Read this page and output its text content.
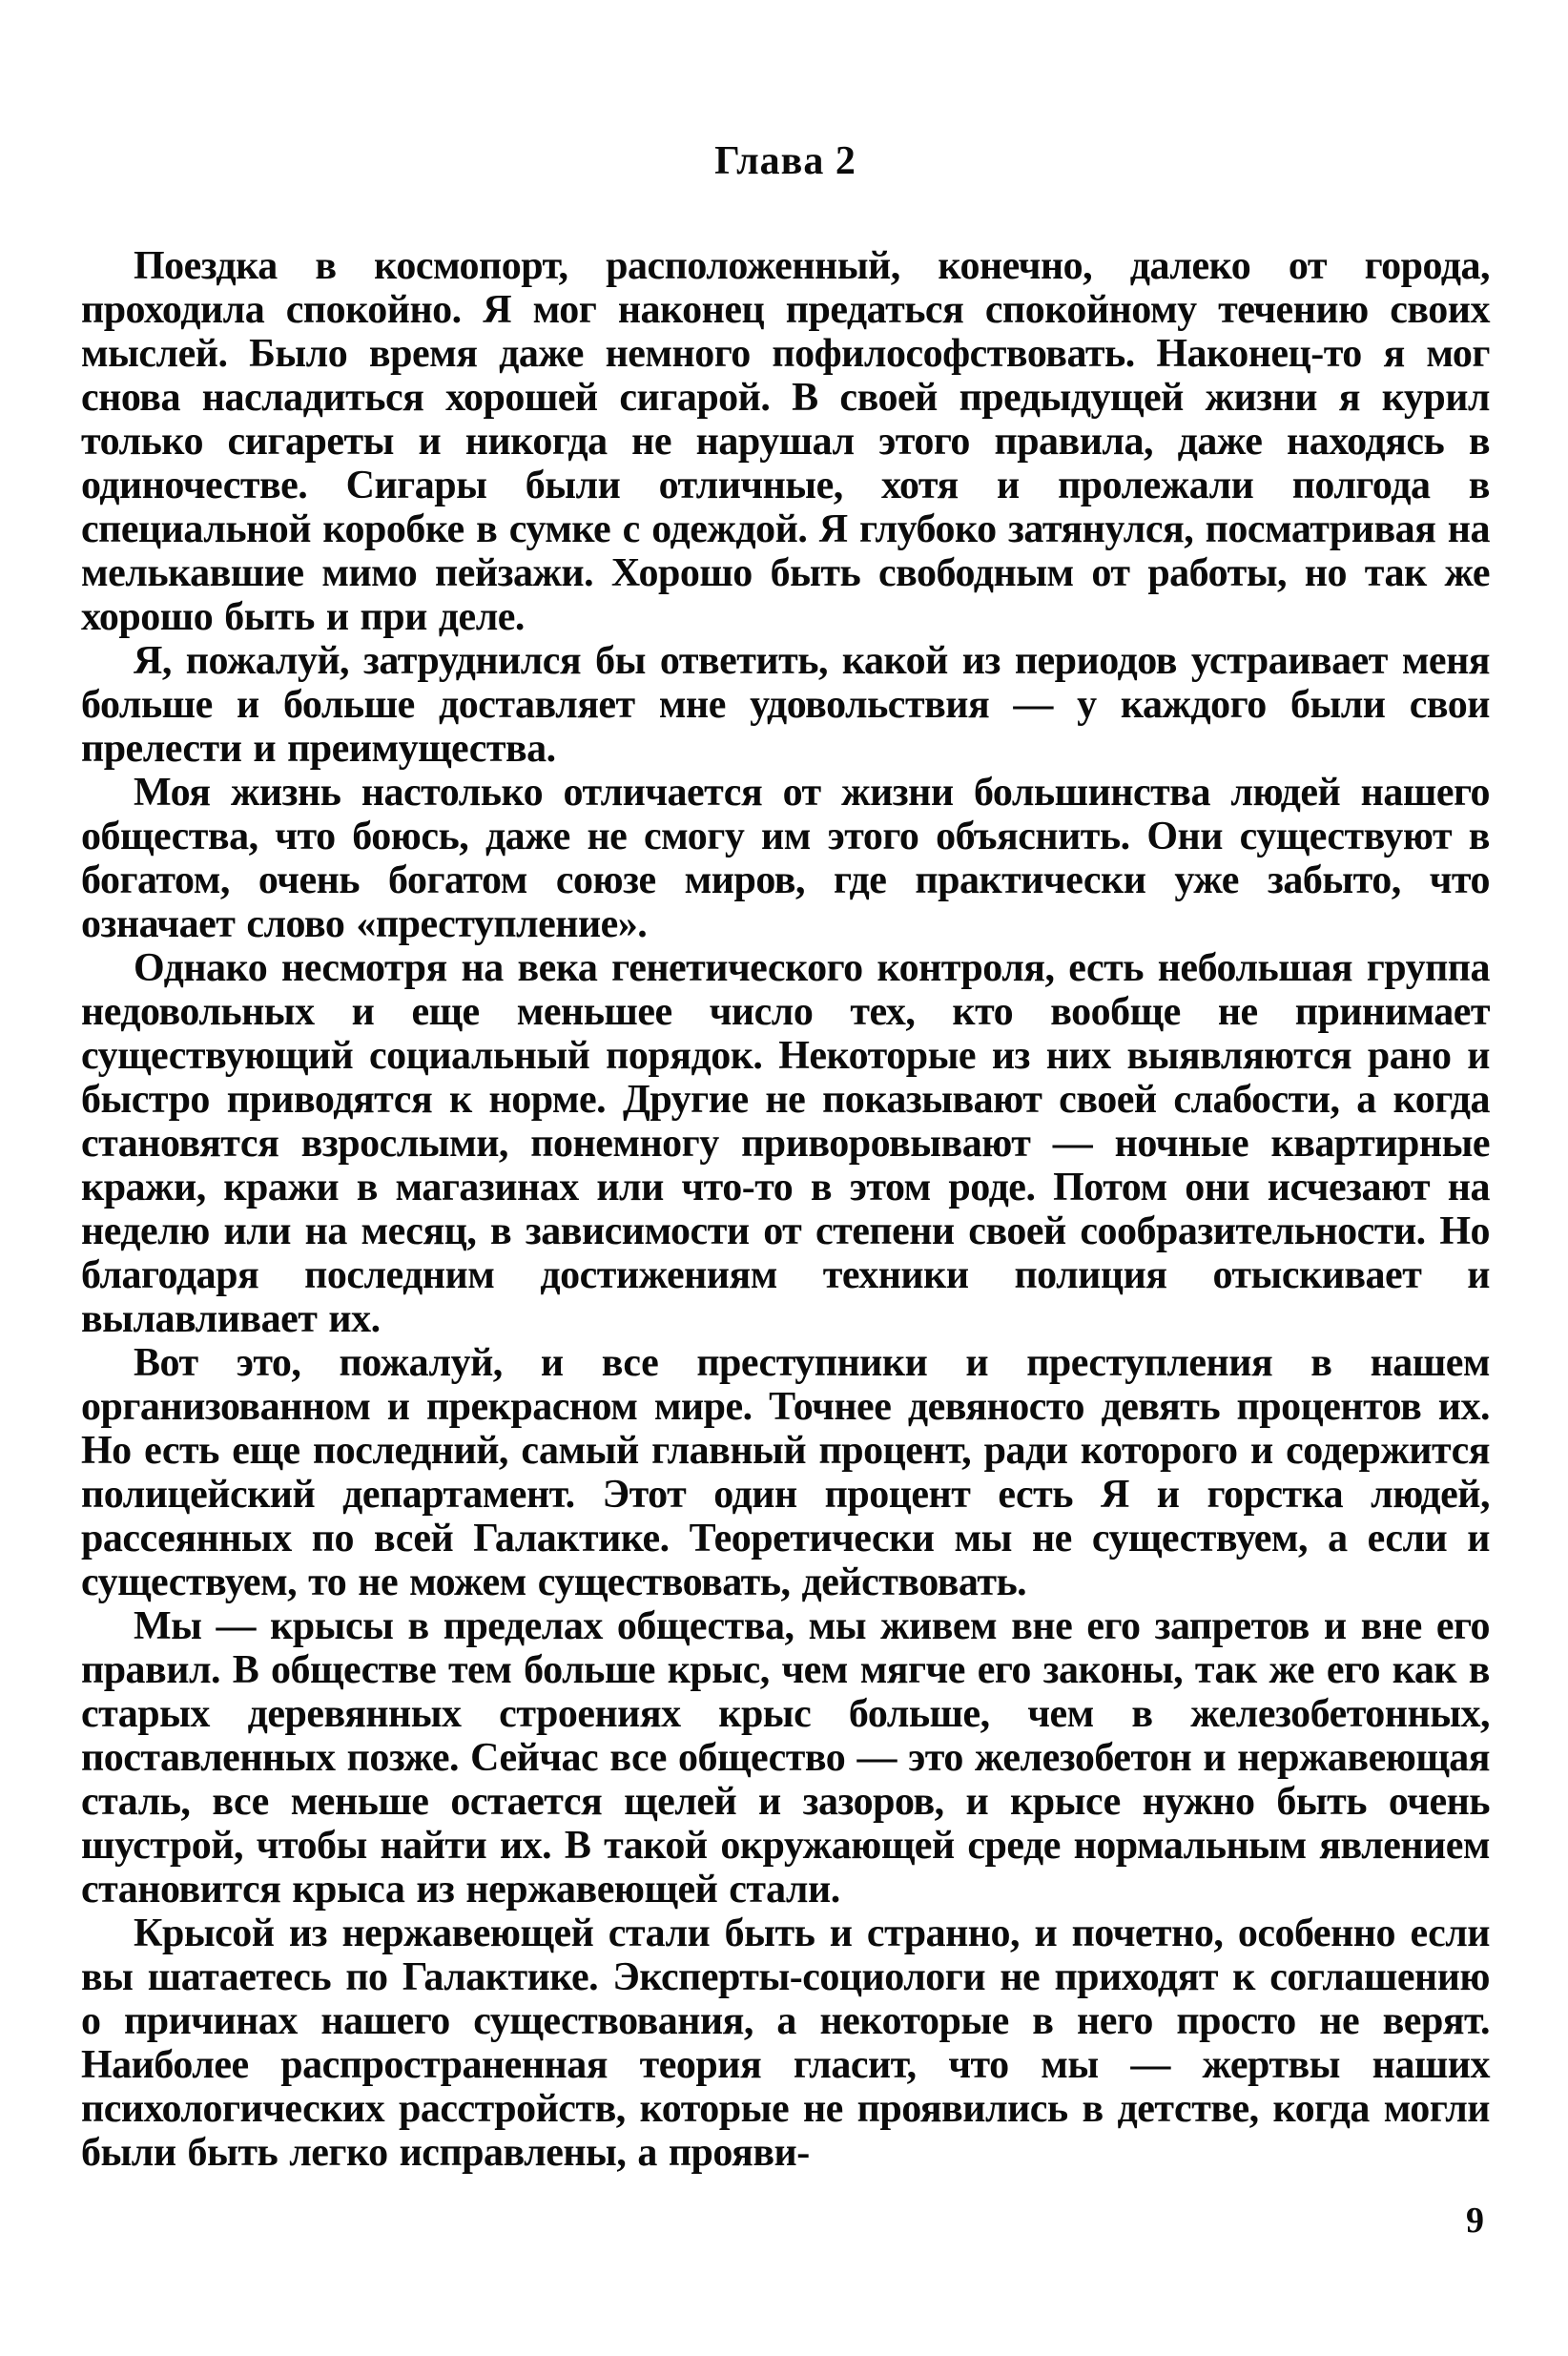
Глава 2

Поездка в космопорт, расположенный, конечно, далеко от города, проходила спокойно. Я мог наконец предаться спокойному течению своих мыслей. Было время даже немного пофилософствовать. Наконец-то я мог снова насладиться хорошей сигарой. В своей предыдущей жизни я курил только сигареты и никогда не нарушал этого правила, даже находясь в одиночестве. Сигары были отличные, хотя и пролежали полгода в специальной коробке в сумке с одеждой. Я глубоко затянулся, посматривая на мелькавшие мимо пейзажи. Хорошо быть свободным от работы, но так же хорошо быть и при деле.

Я, пожалуй, затруднился бы ответить, какой из периодов устраивает меня больше и больше доставляет мне удовольствия — у каждого были свои прелести и преимущества.

Моя жизнь настолько отличается от жизни большинства людей нашего общества, что боюсь, даже не смогу им этого объяснить. Они существуют в богатом, очень богатом союзе миров, где практически уже забыто, что означает слово «преступление».

Однако несмотря на века генетического контроля, есть небольшая группа недовольных и еще меньшее число тех, кто вообще не принимает существующий социальный порядок. Некоторые из них выявляются рано и быстро приводятся к норме. Другие не показывают своей слабости, а когда становятся взрослыми, понемногу приворовывают — ночные квартирные кражи, кражи в магазинах или что-то в этом роде. Потом они исчезают на неделю или на месяц, в зависимости от степени своей сообразительности. Но благодаря последним достижениям техники полиция отыскивает и вылавливает их.

Вот это, пожалуй, и все преступники и преступления в нашем организованном и прекрасном мире. Точнее девяносто девять процентов их. Но есть еще последний, самый главный процент, ради которого и содержится полицейский департамент. Этот один процент есть Я и горстка людей, рассеянных по всей Галактике. Теоретически мы не существуем, а если и существуем, то не можем существовать, действовать.

Мы — крысы в пределах общества, мы живем вне его запретов и вне его правил. В обществе тем больше крыс, чем мягче его законы, так же его как в старых деревянных строениях крыс больше, чем в железобетонных, поставленных позже. Сейчас все общество — это железобетон и нержавеющая сталь, все меньше остается щелей и зазоров, и крысе нужно быть очень шустрой, чтобы найти их. В такой окружающей среде нормальным явлением становится крыса из нержавеющей стали.

Крысой из нержавеющей стали быть и странно, и почетно, особенно если вы шатаетесь по Галактике. Эксперты-социологи не приходят к соглашению о причинах нашего существования, а некоторые в него просто не верят. Наиболее распространенная теория гласит, что мы — жертвы наших психологических расстройств, которые не проявились в детстве, когда могли были быть легко исправлены, а прояви-

9
